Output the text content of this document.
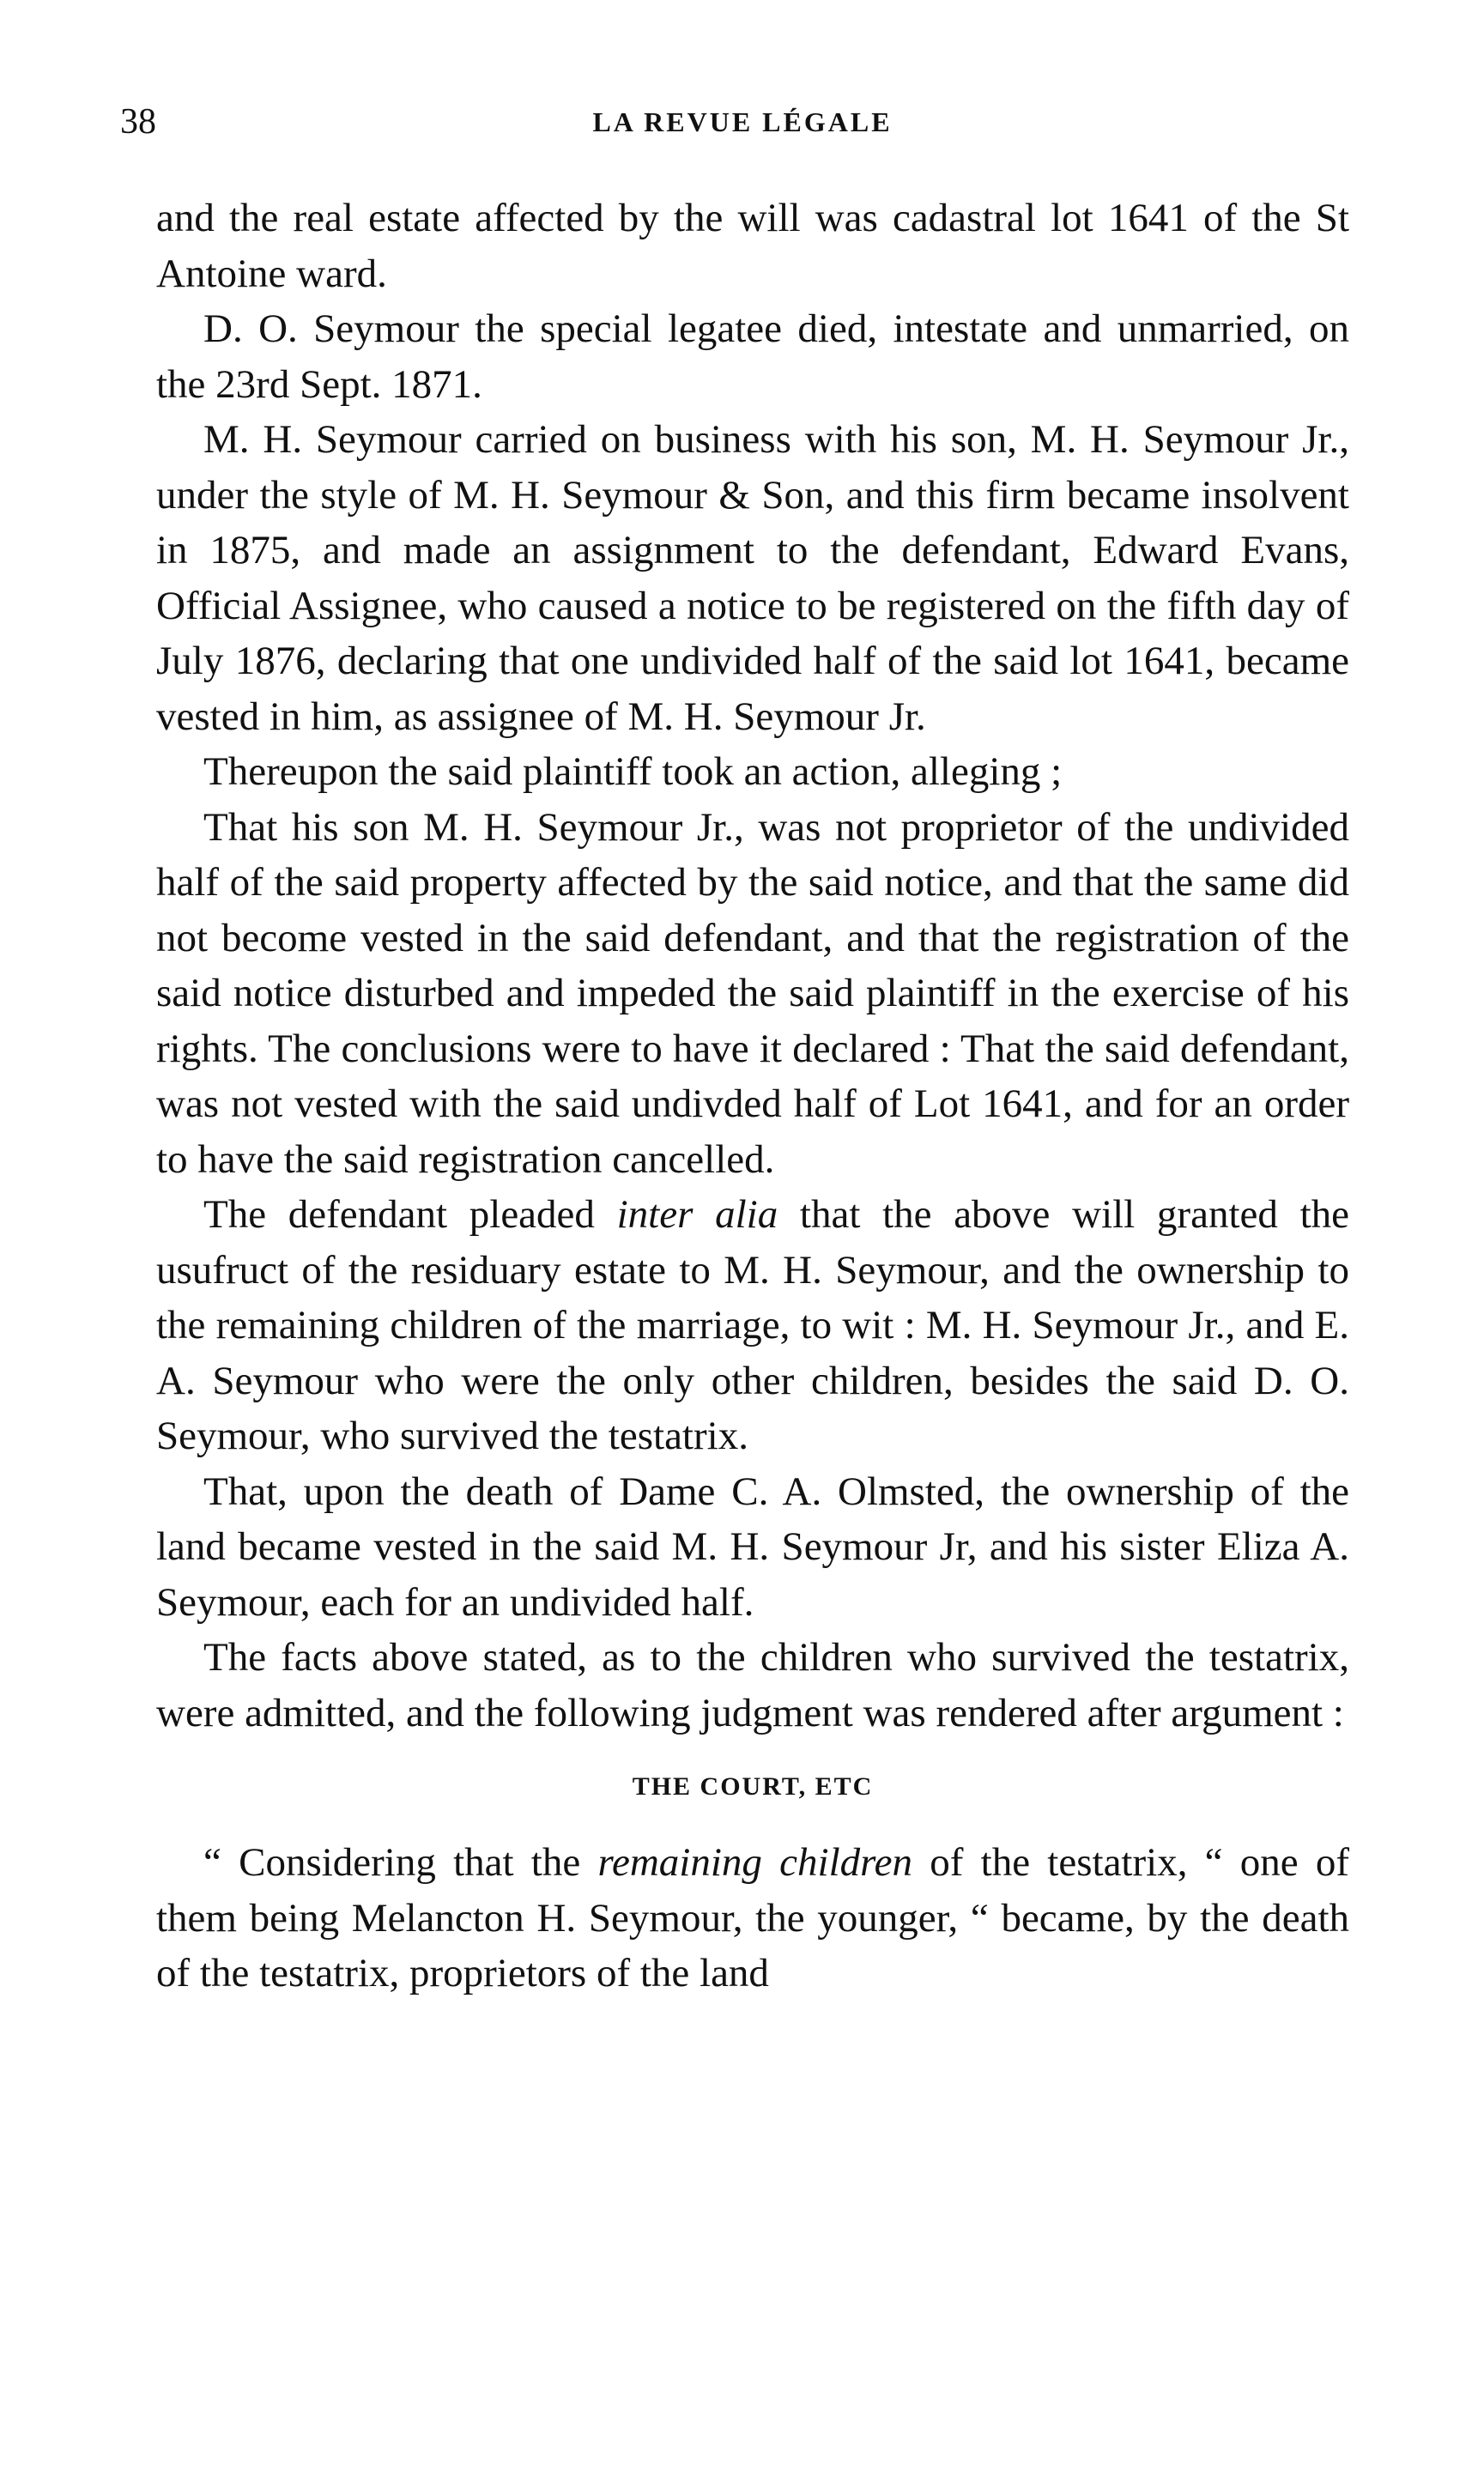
38	LA REVUE LÉGALE

and the real estate affected by the will was cadastral lot 1641 of the St Antoine ward.

D. O. Seymour the special legatee died, intestate and unmarried, on the 23rd Sept. 1871.

M. H. Seymour carried on business with his son, M. H. Seymour Jr., under the style of M. H. Seymour & Son, and this firm became insolvent in 1875, and made an assignment to the defendant, Edward Evans, Official Assignee, who caused a notice to be registered on the fifth day of July 1876, declaring that one undivided half of the said lot 1641, became vested in him, as assignee of M. H. Seymour Jr.

Thereupon the said plaintiff took an action, alleging ;

That his son M. H. Seymour Jr., was not proprietor of the undivided half of the said property affected by the said notice, and that the same did not become vested in the said defendant, and that the registration of the said notice disturbed and impeded the said plaintiff in the exercise of his rights. The conclusions were to have it declared : That the said defendant, was not vested with the said undivded half of Lot 1641, and for an order to have the said registration cancelled.

The defendant pleaded inter alia that the above will granted the usufruct of the residuary estate to M. H. Seymour, and the ownership to the remaining children of the marriage, to wit : M. H. Seymour Jr., and E. A. Seymour who were the only other children, besides the said D. O. Seymour, who survived the testatrix.

That, upon the death of Dame C. A. Olmsted, the ownership of the land became vested in the said M. H. Seymour Jr, and his sister Eliza A. Seymour, each for an undivided half.

The facts above stated, as to the children who survived the testatrix, were admitted, and the following judgment was rendered after argument :

THE COURT, ETC

“ Considering that the remaining children of the testatrix, “ one of them being Melancton H. Seymour, the younger, “ became, by the death of the testatrix, proprietors of the land
